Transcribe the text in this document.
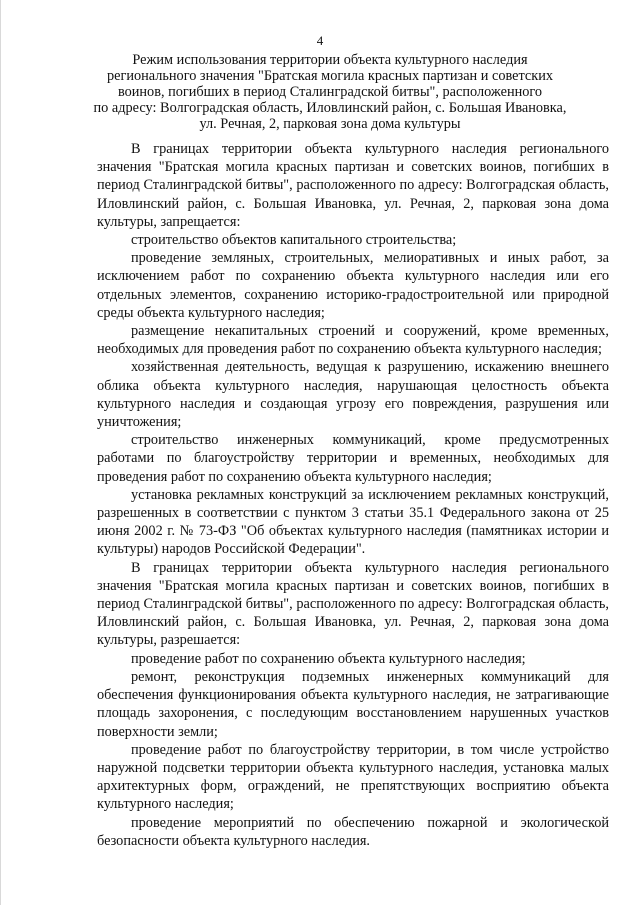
4
Режим использования территории объекта культурного наследия
регионального значения "Братская могила красных партизан и советских
воинов, погибших в период Сталинградской битвы", расположенного
по адресу: Волгоградская область, Иловлинский район, с. Большая Ивановка,
ул. Речная, 2, парковая зона дома культуры

В границах территории объекта культурного наследия регионального значения "Братская могила красных партизан и советских воинов, погибших в период Сталинградской битвы", расположенного по адресу: Волгоградская область, Иловлинский район, с. Большая Ивановка, ул. Речная, 2, парковая зона дома культуры, запрещается:

строительство объектов капитального строительства;

проведение земляных, строительных, мелиоративных и иных работ, за исключением работ по сохранению объекта культурного наследия или его отдельных элементов, сохранению историко-градостроительной или природной среды объекта культурного наследия;

размещение некапитальных строений и сооружений, кроме временных, необходимых для проведения работ по сохранению объекта культурного наследия;

хозяйственная деятельность, ведущая к разрушению, искажению внешнего облика объекта культурного наследия, нарушающая целостность объекта культурного наследия и создающая угрозу его повреждения, разрушения или уничтожения;

строительство инженерных коммуникаций, кроме предусмотренных работами по благоустройству территории и временных, необходимых для проведения работ по сохранению объекта культурного наследия;

установка рекламных конструкций за исключением рекламных конструкций, разрешенных в соответствии с пунктом 3 статьи 35.1 Федерального закона от 25 июня 2002 г. № 73-ФЗ "Об объектах культурного наследия (памятниках истории и культуры) народов Российской Федерации".

В границах территории объекта культурного наследия регионального значения "Братская могила красных партизан и советских воинов, погибших в период Сталинградской битвы", расположенного по адресу: Волгоградская область, Иловлинский район, с. Большая Ивановка, ул. Речная, 2, парковая зона дома культуры, разрешается:

проведение работ по сохранению объекта культурного наследия;

ремонт, реконструкция подземных инженерных коммуникаций для обеспечения функционирования объекта культурного наследия, не затрагивающие площадь захоронения, с последующим восстановлением нарушенных участков поверхности земли;

проведение работ по благоустройству территории, в том числе устройство наружной подсветки территории объекта культурного наследия, установка малых архитектурных форм, ограждений, не препятствующих восприятию объекта культурного наследия;

проведение мероприятий по обеспечению пожарной и экологической безопасности объекта культурного наследия.
